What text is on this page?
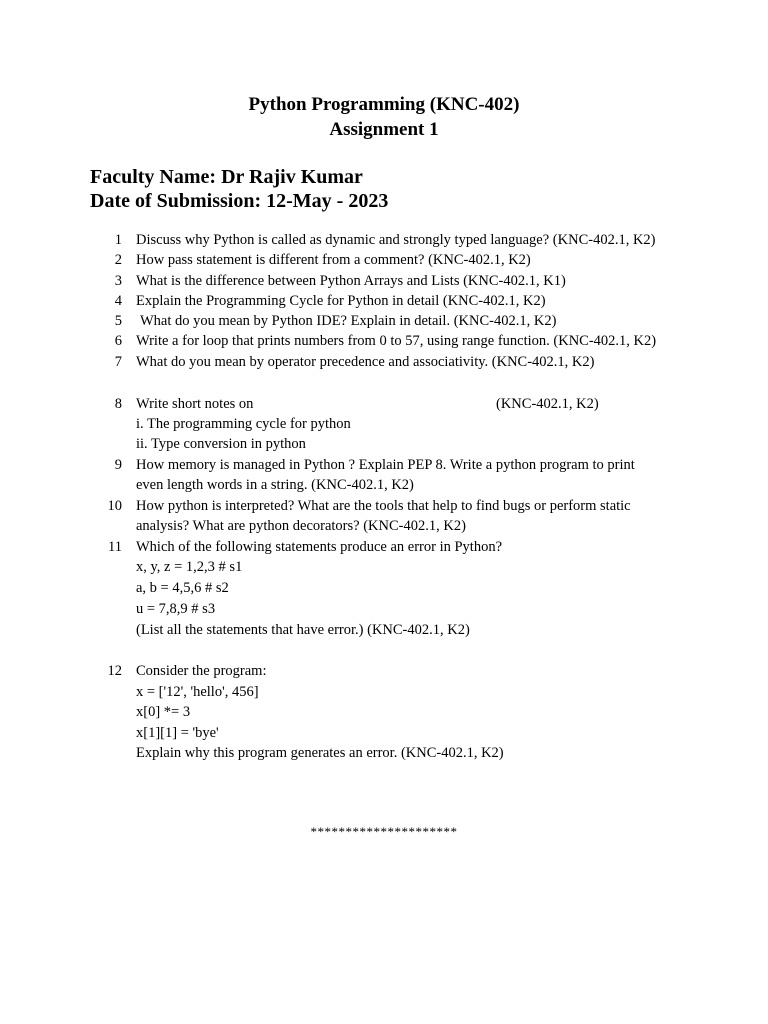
Python Programming (KNC-402)
Assignment 1
Faculty Name: Dr Rajiv Kumar
Date of Submission: 12-May - 2023
1 Discuss why Python is called as dynamic and strongly typed language? (KNC-402.1, K2)
2 How pass statement is different from a comment? (KNC-402.1, K2)
3 What is the difference between Python Arrays and Lists (KNC-402.1, K1)
4 Explain the Programming Cycle for Python in detail (KNC-402.1, K2)
5 What do you mean by Python IDE? Explain in detail. (KNC-402.1, K2)
6 Write a for loop that prints numbers from 0 to 57, using range function. (KNC-402.1, K2)
7 What do you mean by operator precedence and associativity. (KNC-402.1, K2)
8 Write short notes on	(KNC-402.1, K2)
i. The programming cycle for python
ii. Type conversion in python
9 How memory is managed in Python ? Explain PEP 8. Write a python program to print
even length words in a string. (KNC-402.1, K2)
10 How python is interpreted? What are the tools that help to find bugs or perform static
analysis? What are python decorators? (KNC-402.1, K2)
11 Which of the following statements produce an error in Python?
x, y, z = 1,2,3 # s1
a, b = 4,5,6 # s2
u = 7,8,9 # s3
(List all the statements that have error.) (KNC-402.1, K2)
12 Consider the program:
x = ['12', 'hello', 456]
x[0] *= 3
x[1][1] = 'bye'
Explain why this program generates an error. (KNC-402.1, K2)
*********************
